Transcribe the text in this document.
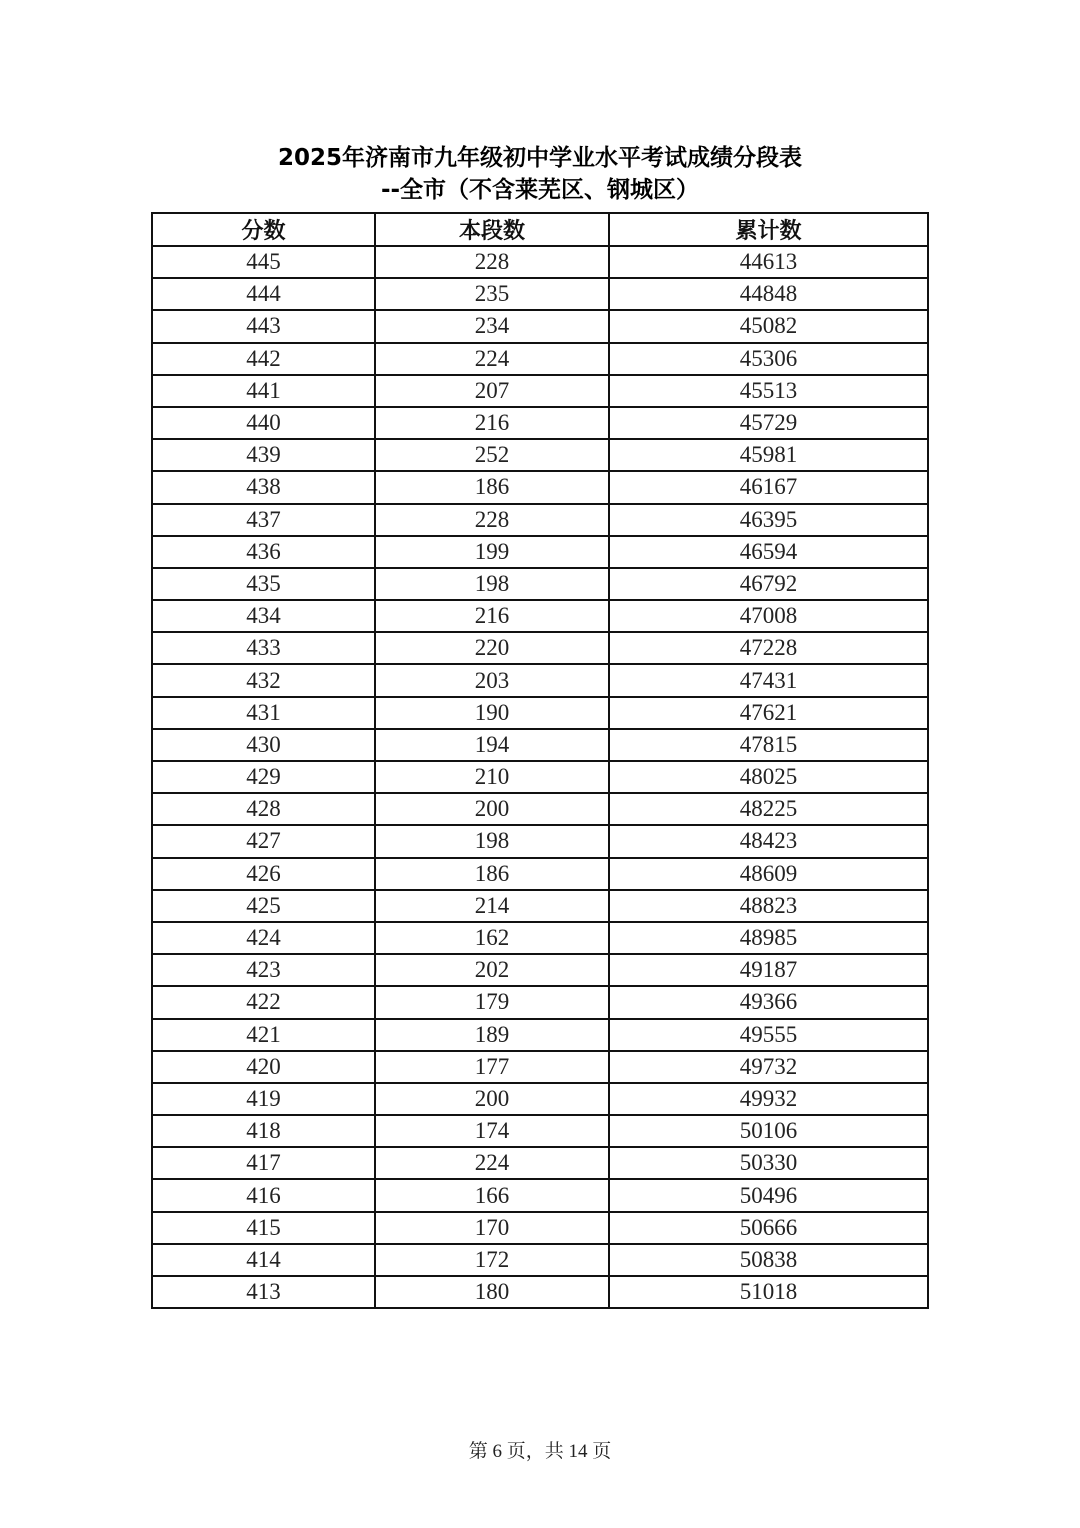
2025年济南市九年级初中学业水平考试成绩分段表
--全市（不含莱芜区、钢城区）
分数	本段数	累计数
445	228	44613
444	235	44848
443	234	45082
442	224	45306
441	207	45513
440	216	45729
439	252	45981
438	186	46167
437	228	46395
436	199	46594
435	198	46792
434	216	47008
433	220	47228
432	203	47431
431	190	47621
430	194	47815
429	210	48025
428	200	48225
427	198	48423
426	186	48609
425	214	48823
424	162	48985
423	202	49187
422	179	49366
421	189	49555
420	177	49732
419	200	49932
418	174	50106
417	224	50330
416	166	50496
415	170	50666
414	172	50838
413	180	51018
第 6 页，共 14 页
